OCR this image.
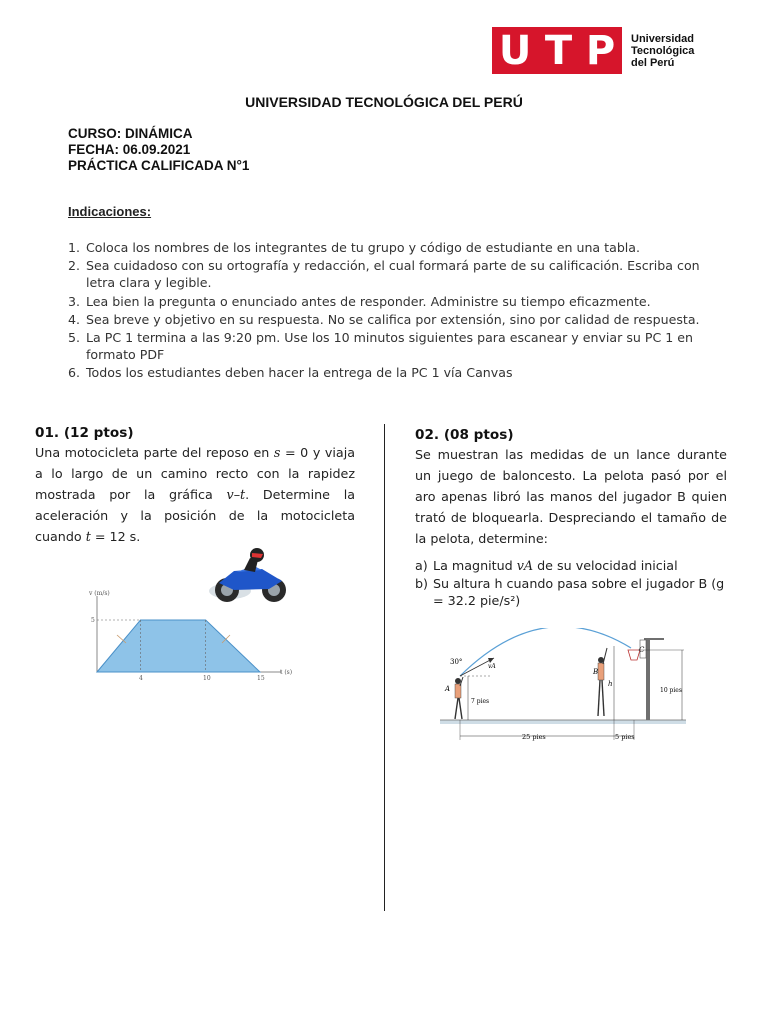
U T P Universidad
Tecnológica
del Perú
UNIVERSIDAD TECNOLÓGICA DEL PERÚ
CURSO: DINÁMICA
FECHA: 06.09.2021
PRÁCTICA CALIFICADA N°1
Indicaciones:
1. Coloca los nombres de los integrantes de tu grupo y código de estudiante en una tabla.
2. Sea cuidadoso con su ortografía y redacción, el cual formará parte de su calificación. Escriba con letra clara y legible.
3. Lea bien la pregunta o enunciado antes de responder. Administre su tiempo eficazmente.
4. Sea breve y objetivo en su respuesta. No se califica por extensión, sino por calidad de respuesta.
5. La PC 1 termina a las 9:20 pm. Use los 10 minutos siguientes para escanear y enviar su PC 1 en formato PDF
6. Todos los estudiantes deben hacer la entrega de la PC 1 vía Canvas
01. (12 ptos)
Una motocicleta parte del reposo en s = 0 y viaja a lo largo de un camino recto con la rapidez mostrada por la gráfica v–t. Determine la aceleración y la posición de la motocicleta cuando t = 12 s.
v (m/s)
t (s)
5
4	10	15
02. (08 ptos)
Se muestran las medidas de un lance durante un juego de baloncesto. La pelota pasó por el aro apenas libró las manos del jugador B quien trató de bloquearla. Despreciando el tamaño de la pelota, determine:
a) La magnitud vA de su velocidad inicial
b) Su altura h cuando pasa sobre el jugador B (g = 32.2 pie/s²)
30°
vA
A
7 pies
B
h
C
10 pies
25 pies	5 pies
